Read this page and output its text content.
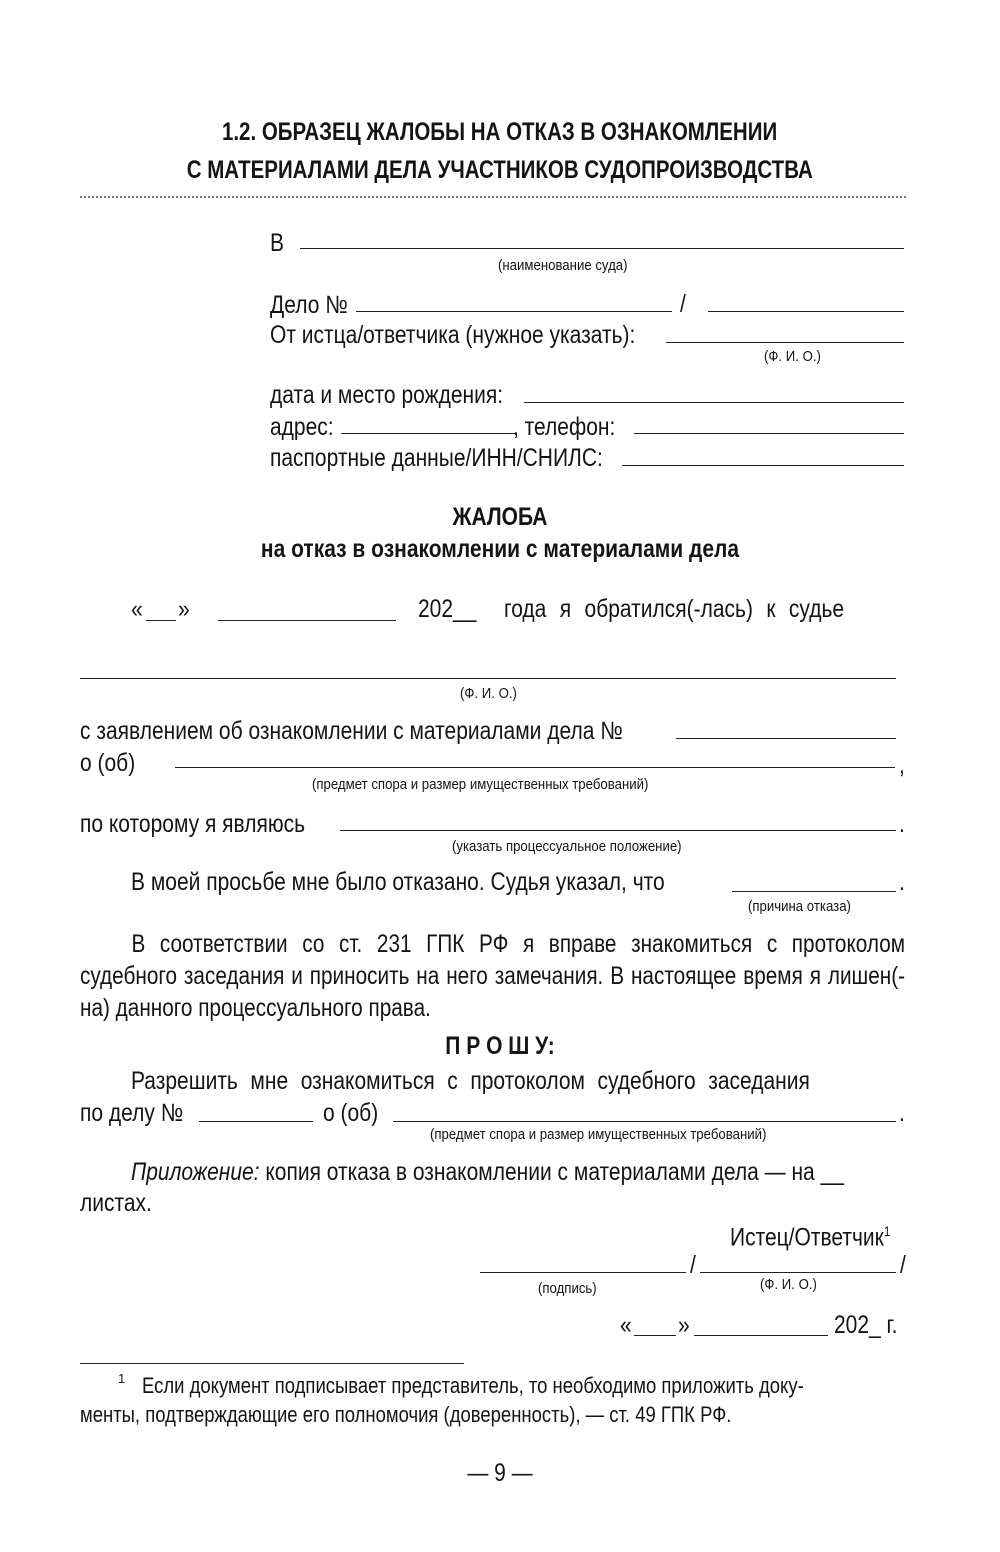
1.2. ОБРАЗЕЦ ЖАЛОБЫ НА ОТКАЗ В ОЗНАКОМЛЕНИИ
С МАТЕРИАЛАМИ ДЕЛА УЧАСТНИКОВ СУДОПРОИЗВОДСТВА
В
(наименование суда)
Дело №	/
От истца/ответчика (нужное указать):
(Ф. И. О.)
дата и место рождения:
адрес:	, телефон:
паспортные данные/ИНН/СНИЛС:
ЖАЛОБА
на отказ в ознакомлении с материалами дела
« »	202__ года я обратился(-лась) к судье
(Ф. И. О.)
с заявлением об ознакомлении с материалами дела №
о (об)	,
(предмет спора и размер имущественных требований)
по которому я являюсь	.
(указать процессуальное положение)
В моей просьбе мне было отказано. Судья указал, что	.
(причина отказа)
В соответствии со ст. 231 ГПК РФ я вправе знакомиться с протоколом судебного заседания и приносить на него замечания. В настоящее время я лишен(-на) данного процессуального права.
П Р О Ш У:
Разрешить мне ознакомиться с протоколом судебного заседания
по делу №	о (об)	.
(предмет спора и размер имущественных требований)
Приложение: копия отказа в ознакомлении с материалами дела — на __
листах.
Истец/Ответчик$^1$
/	/
(подпись)	(Ф. И. О.)
« »	202_ г.
1 Если документ подписывает представитель, то необходимо приложить доку-
менты, подтверждающие его полномочия (доверенность), — ст. 49 ГПК РФ.
— 9 —
